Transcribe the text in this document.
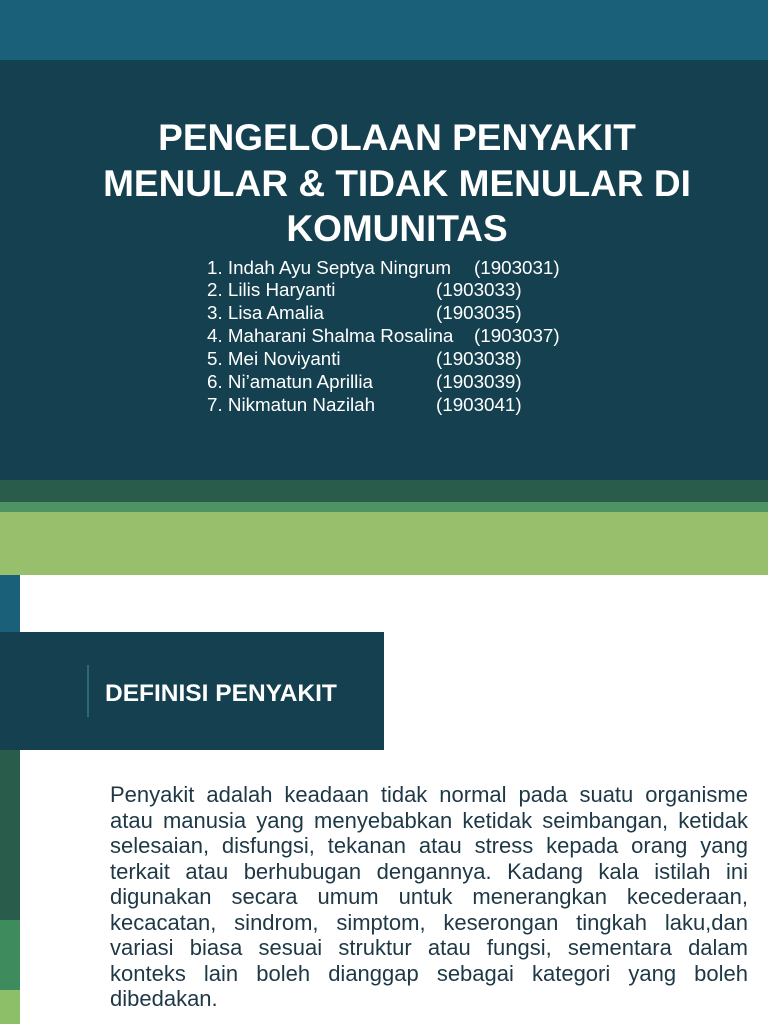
PENGELOLAAN PENYAKIT
MENULAR & TIDAK MENULAR DI
KOMUNITAS
1. Indah Ayu Septya Ningrum (1903031)
2. Lilis Haryanti	(1903033)
3. Lisa Amalia	(1903035)
4. Maharani Shalma Rosalina (1903037)
5. Mei Noviyanti	(1903038)
6. Ni’amatun Aprillia	(1903039)
7. Nikmatun Nazilah	(1903041)
DEFINISI PENYAKIT

Penyakit adalah keadaan tidak normal pada suatu organisme atau manusia yang menyebabkan ketidak seimbangan, ketidak selesaian, disfungsi, tekanan atau stress kepada orang yang terkait atau berhubugan dengannya. Kadang kala istilah ini digunakan secara umum untuk menerangkan kecederaan, kecacatan, sindrom, simptom, keserongan tingkah laku,dan variasi biasa sesuai struktur atau fungsi, sementara dalam konteks lain boleh dianggap sebagai kategori yang boleh dibedakan.
